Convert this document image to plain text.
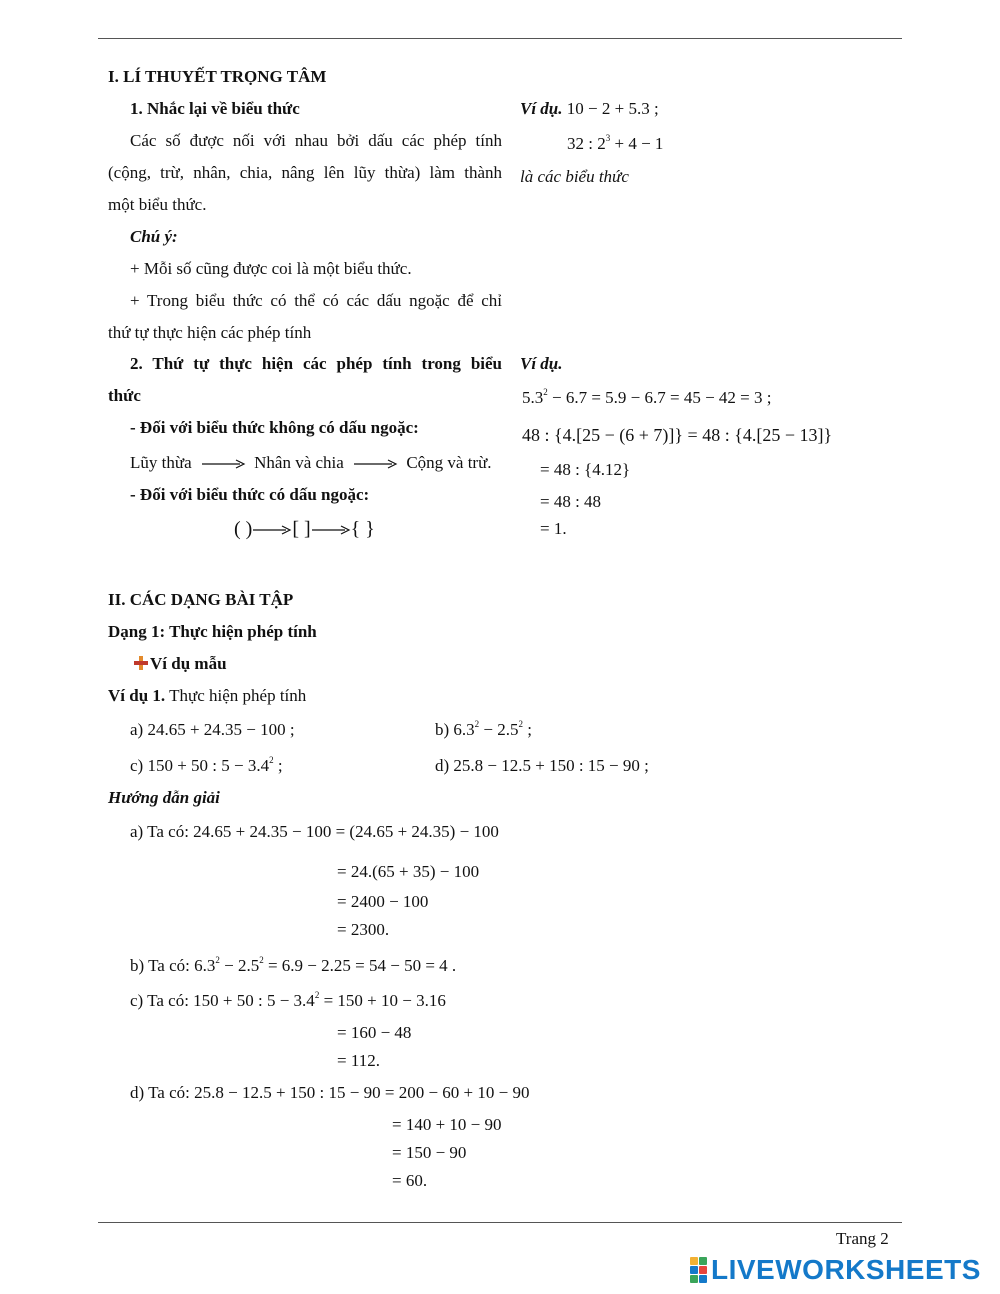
I. LÍ THUYẾT TRỌNG TÂM
1. Nhắc lại về biểu thức
Các số được nối với nhau bởi dấu các phép tính
(cộng, trừ, nhân, chia, nâng lên lũy thừa) làm thành
một biểu thức.
Chú ý:
+ Mỗi số cũng được coi là một biểu thức.
+ Trong biểu thức có thể có các dấu ngoặc để chỉ
thứ tự thực hiện các phép tính
Ví dụ. 10 − 2 + 5.3 ;
32 : $2^3 + 4 - 1$
là các biểu thức
2. Thứ tự thực hiện các phép tính trong biểu
thức
- Đối với biểu thức không có dấu ngoặc:
Lũy thừa	Nhân và chia	Cộng và trừ.
- Đối với biểu thức có dấu ngoặc:
( ) [ ] { }
Ví dụ.
$5.3^2 - 6.7 = 5.9 - 6.7 = 45 - 42 = 3$ ;
48 : {4.[25 − (6 + 7)]} = 48 : {4.[25 − 13]}
= 48 : {4.12}
= 48 : 48
= 1.
II. CÁC DẠNG BÀI TẬP
Dạng 1: Thực hiện phép tính
Ví dụ mẫu
Ví dụ 1. Thực hiện phép tính
a) 24.65 + 24.35 − 100 ;	b) $6.3^2 - 2.5^2$ ;
c) 150 + 50 : $5 - 3.4^2$ ;	d) 25.8 − 12.5 + 150 : 15 − 90 ;
Hướng dẫn giải
a) Ta có: 24.65 + 24.35 − 100 = (24.65 + 24.35) − 100
= 24.(65 + 35) − 100
= 2400 − 100
= 2300.
b) Ta có: $6.3^2 - 2.5^2 = 6.9 - 2.25 = 54 - 50 = 4$ .
c) Ta có: 150 + 50 : $5 - 3.4^2 = 150 + 10 - 3.16$
= 160 − 48
= 112.
d) Ta có: 25.8 − 12.5 + 150 : 15 − 90 = 200 − 60 + 10 − 90
= 140 + 10 − 90
= 150 − 90
= 60.
Trang 2
LIVEWORKSHEETS
